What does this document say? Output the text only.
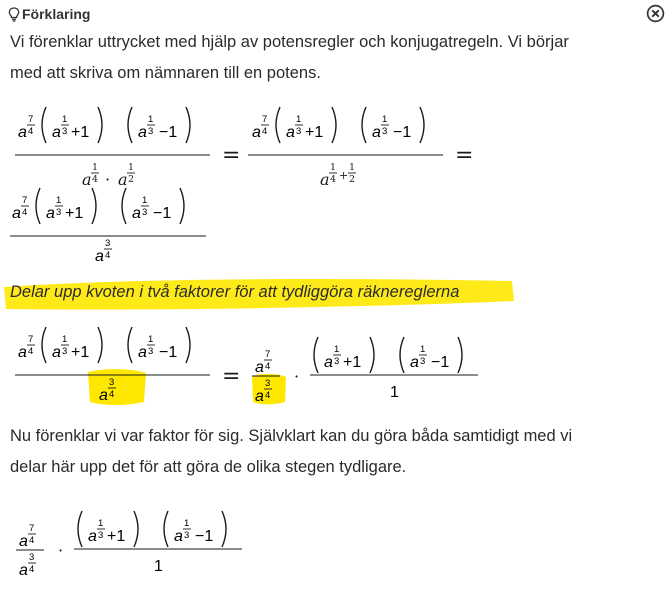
Förklaring
Vi förenklar uttrycket med hjälp av potensregler och konjugatregeln. Vi börjar
med att skriva om nämnaren till en potens.
a
1
4 · a
1
2
=
a
1
4 +
1
2
=
Delar upp kvoten i två faktorer för att tydliggöra räknereglerna
=	·
Nu förenklar vi var faktor för sig. Självklart kan du göra båda samtidigt med vi
delar här upp det för att göra de olika stegen tydligare.
·
